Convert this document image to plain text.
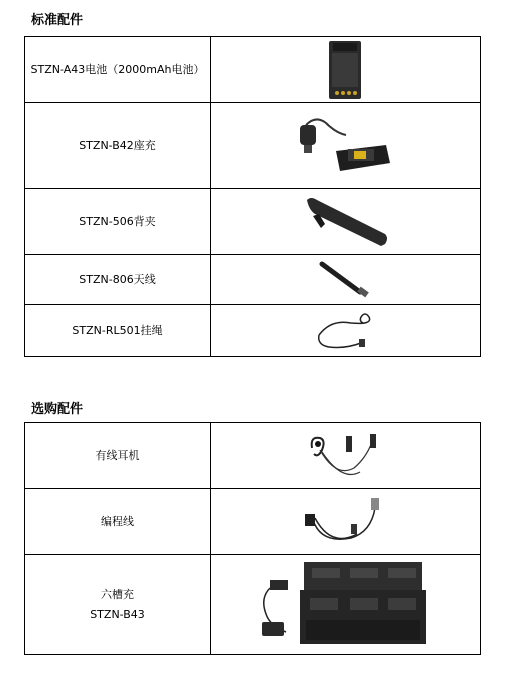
标准配件
STZN-A43电池（2000mAh电池）	

STZN-B42座充	

STZN-506背夹	

STZN-806天线	

STZN-RL501挂绳	
选购配件
有线耳机	

编程线	

六槽充
STZN-B43
